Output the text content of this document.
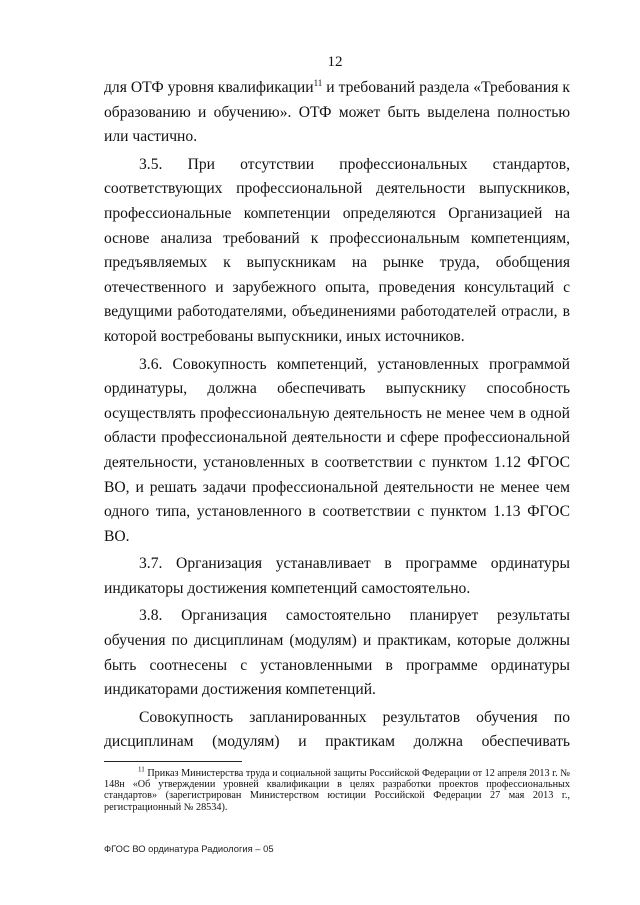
12

для ОТФ уровня квалификации$^{11}$ и требований раздела «Требования к образованию и обучению». ОТФ может быть выделена полностью или частично.

3.5. При отсутствии профессиональных стандартов, соответствующих профессиональной деятельности выпускников, профессиональные компетенции определяются Организацией на основе анализа требований к профессиональным компетенциям, предъявляемых к выпускникам на рынке труда, обобщения отечественного и зарубежного опыта, проведения консультаций с ведущими работодателями, объединениями работодателей отрасли, в которой востребованы выпускники, иных источников.

3.6. Совокупность компетенций, установленных программой ординатуры, должна обеспечивать выпускнику способность осуществлять профессиональную деятельность не менее чем в одной области профессиональной деятельности и сфере профессиональной деятельности, установленных в соответствии с пунктом 1.12 ФГОС ВО, и решать задачи профессиональной деятельности не менее чем одного типа, установленного в соответствии с пунктом 1.13 ФГОС ВО.

3.7. Организация устанавливает в программе ординатуры индикаторы достижения компетенций самостоятельно.

3.8. Организация самостоятельно планирует результаты обучения по дисциплинам (модулям) и практикам, которые должны быть соотнесены с установленными в программе ординатуры индикаторами достижения компетенций.

Совокупность запланированных результатов обучения по дисциплинам (модулям) и практикам должна обеспечивать

$^{11}$ Приказ Министерства труда и социальной защиты Российской Федерации от 12 апреля 2013 г. № 148н «Об утверждении уровней квалификации в целях разработки проектов профессиональных стандартов» (зарегистрирован Министерством юстиции Российской Федерации 27 мая 2013 г., регистрационный № 28534).
ФГОС ВО ординатура Радиология – 05
